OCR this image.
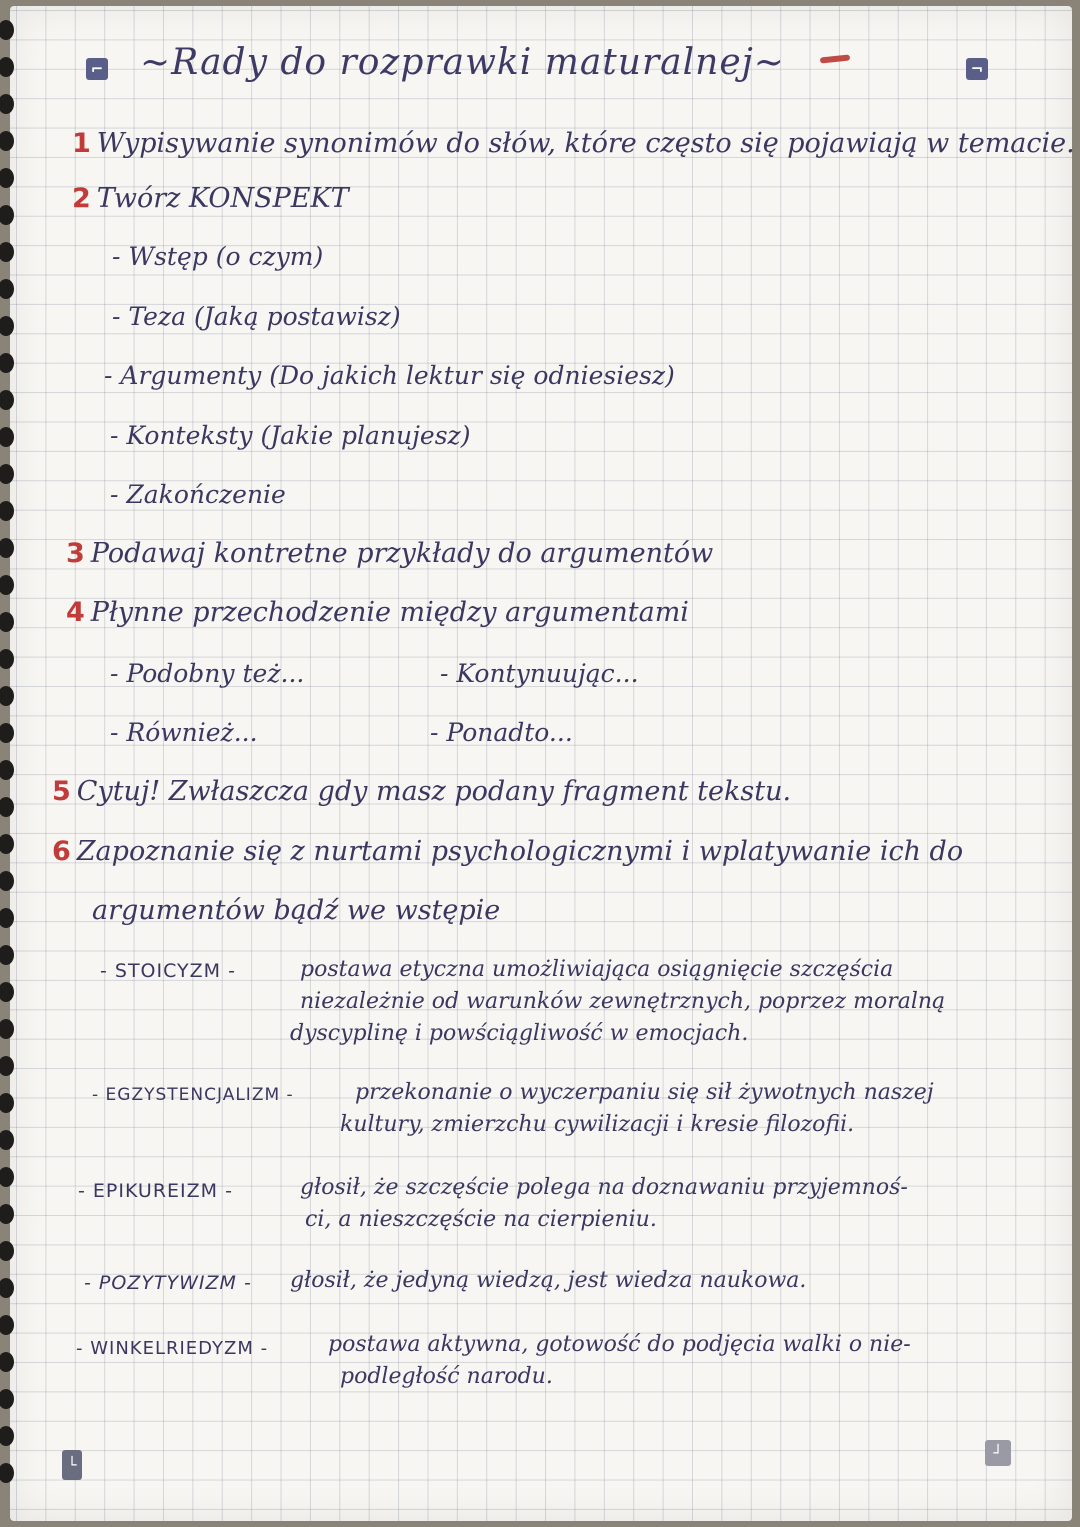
⌐	¬
└
┘
~Rady do rozprawki maturalnej~
1 Wypisywanie synonimów do słów, które często się pojawiają w temacie.
2 Twórz KONSPEKT
- Wstęp (o czym)
- Teza (Jaką postawisz)
- Argumenty (Do jakich lektur się odniesiesz)
- Konteksty (Jakie planujesz)
- Zakończenie
3 Podawaj kontretne przykłady do argumentów
4 Płynne przechodzenie między argumentami
- Podobny też...	- Kontynuując...
- Również...	- Ponadto...
5 Cytuj! Zwłaszcza gdy masz podany fragment tekstu.
6 Zapoznanie się z nurtami psychologicznymi i wplatywanie ich do
argumentów bądź we wstępie
- STOICYZM -	postawa etyczna umożliwiająca osiągnięcie szczęścia
niezależnie od warunków zewnętrznych, poprzez moralną
dyscyplinę i powściągliwość w emocjach.
- EGZYSTENCJALIZM -	przekonanie o wyczerpaniu się sił żywotnych naszej
kultury, zmierzchu cywilizacji i kresie filozofii.
- EPIKUREIZM -	głosił, że szczęście polega na doznawaniu przyjemnoś-
ci, a nieszczęście na cierpieniu.
- POZYTYWIZM - głosił, że jedyną wiedzą, jest wiedza naukowa.
- WINKELRIEDYZM -	postawa aktywna, gotowość do podjęcia walki o nie-
podległość narodu.
